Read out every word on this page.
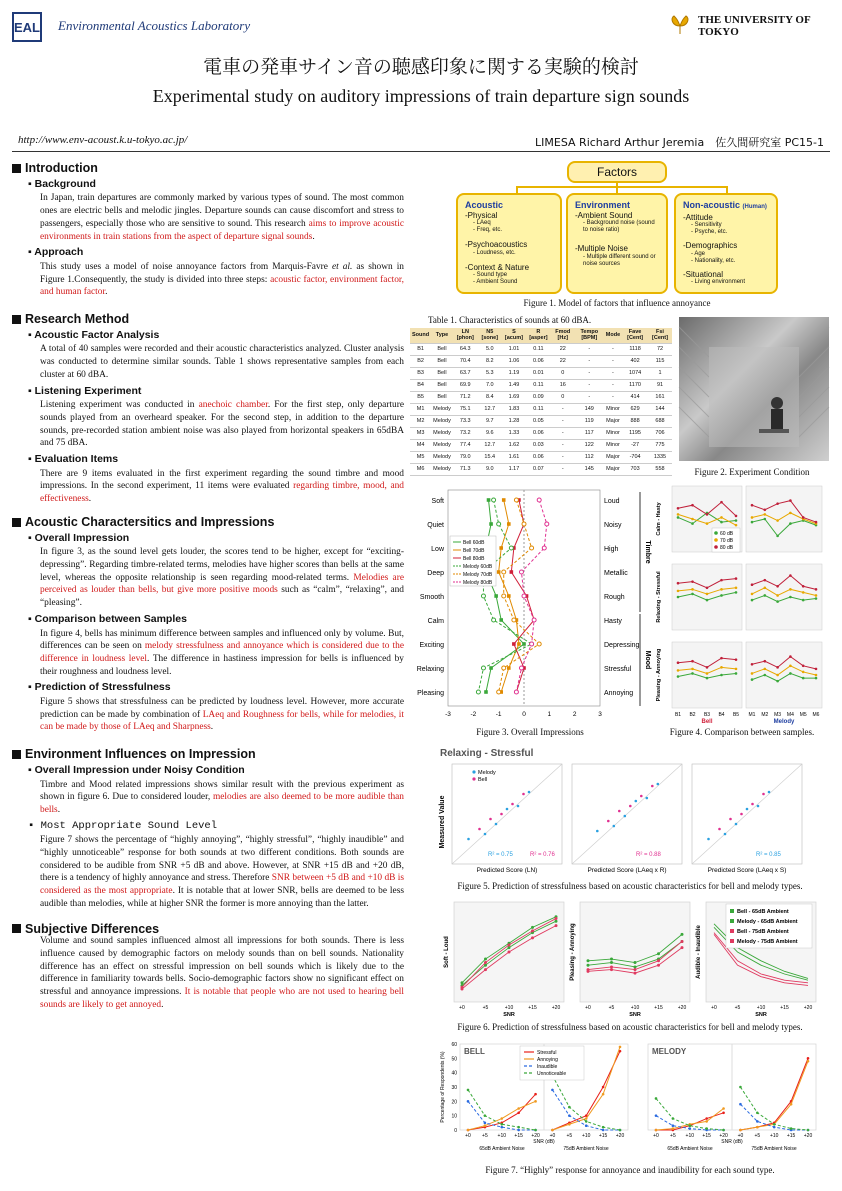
EAL Environmental Acoustics Laboratory	THE UNIVERSITY OF TOKYO
電車の発車サイン音の聴感印象に関する実験的検討
Experimental study on auditory impressions of train departure sign sounds
http://www.env-acoust.k.u-tokyo.ac.jp/	LIMESA Richard Arthur Jeremia　佐久間研究室 PC15-1
Introduction
▪ Background
In Japan, train departures are commonly marked by various types of sound. The most common ones are electric bells and melodic jingles. Departure sounds can cause discomfort and stress to passengers, especially those who are sensitive to sound. This research aims to improve acoustic environments in train stations from the aspect of departure signal sounds.
▪ Approach
This study uses a model of noise annoyance factors from Marquis-Favre et al. as shown in Figure 1.Consequently, the study is divided into three steps: acoustic factor, environment factor, and human factor.
Research Method
▪ Acoustic Factor Analysis
A total of 40 samples were recorded and their acoustic characteristics analyzed. Cluster analysis was conducted to determine similar sounds. Table 1 shows representative samples from each cluster at 60 dBA.
▪ Listening Experiment
Listening experiment was conducted in anechoic chamber. For the first step, only departure sounds played from an overheard speaker. For the second step, in addition to the departure sounds, pre-recorded station ambient noise was also played from horizontal speakers in 65dBA and 75 dBA.
▪ Evaluation Items
There are 9 items evaluated in the first experiment regarding the sound timbre and mood impressions. In the second experiment, 11 items were evaluated regarding timbre, mood, and effectiveness.
Acoustic Charactersitics and Impressions
▪ Overall Impression
In figure 3, as the sound level gets louder, the scores tend to be higher, except for “exciting-depressing”. Regarding timbre-related terms, melodies have higher scores than bells at the same level, whereas the opposite relationship is seen regarding mood-related terms. Melodies are perceived as louder than bells, but give more positive moods such as “calm”, “relaxing”, and “pleasing”.
▪ Comparison between Samples
In figure 4, bells has minimum difference between samples and influenced only by volume. But, differences can be seen on melody stressfulness and annoyance which is considered due to the difference in loudness level. The difference in hastiness impression for bells is influenced by their roughness and loudness level.
▪ Prediction of Stressfulness
Figure 5 shows that stressfulness can be predicted by loudness level. However, more accurate prediction can be made by combination of LAeq and Roughness for bells, while for melodies, it can be made by those of LAeq and Sharpness.
Environment Influences on Impression
▪ Overall Impression under Noisy Condition
Timbre and Mood related impressions shows similar result with the previous experiment as shown in figure 6. Due to considered louder, melodies are also deemed to be more audible than bells.
▪ Most Appropriate Sound Level
Figure 7 shows the percentage of “highly annoying”, “highly stressful”, “highly inaudible” and “highly unnoticeable” response for both sounds at two different conditions. Both sounds are considered to be audible from SNR +5 dB and above. However, at SNR +15 dB and +20 dB, there is a tendency of highly annoyance and stress. Therefore SNR between +5 dB and +10 dB is considered as the most appropriate. It is notable that at lower SNR, bells are deemed to be less audible than melodies, while at higher SNR the former is more annoying than the latter.
Subjective Differences
Volume and sound samples influenced almost all impressions for both sounds. There is less influence caused by demographic factors on melody sounds than on bell sounds. Nationality difference has an effect on stressful impression on bell sounds which is likely due to the difference in familiarity towards bells. Socio-demographic factors show no significant effect on stressful and annoyance impressions. It is notable that people who are not used to hearing bell sounds are likely to get annoyed.
Factors
Acoustic
-Physical
- LAeq
- Freq, etc.
-Psychoacoustics
- Loudness, etc.
-Context & Nature
- Sound type
- Ambient Sound
Environment
-Ambient Sound
- Background noise (sound to noise ratio)
-Multiple Noise
- Multiple different sound or noise sources
Non-acoustic (Human)
-Attitude
- Sensitivity
- Psyche, etc.
-Demographics
- Age
- Nationality, etc.
-Situational
- Living environment
Figure 1. Model of factors that influence annoyance
Table 1. Characteristics of sounds at 60 dBA.
Sound	Type	LN [phon]	N5 [sone]	S [acum]	R [asper]	Fmod [Hz]	Tempo [BPM]	Mode	Fave [Cent]	Fsi [Cent]
B1	Bell	64.3	5.0	1.01	0.11	22	-	-	1118	72
B2	Bell	70.4	8.2	1.06	0.06	22	-	-	402	115
B3	Bell	63.7	5.3	1.19	0.01	0	-	-	1074	1
B4	Bell	69.9	7.0	1.49	0.11	16	-	-	1170	91
B5	Bell	71.2	8.4	1.69	0.09	0	-	-	414	161
M1	Melody	75.1	12.7	1.83	0.11	-	149	Minor	629	144
M2	Melody	73.3	9.7	1.28	0.05	-	119	Major	888	688
M3	Melody	73.2	9.6	1.33	0.06	-	117	Minor	1195	706
M4	Melody	77.4	12.7	1.62	0.03	-	122	Minor	-27	775
M5	Melody	79.0	15.4	1.61	0.06	-	112	Major	-704	1335
M6	Melody	71.3	9.0	1.17	0.07	-	145	Major	703	558	Figure 2. Experiment Condition
Soft
Quiet
Low
Deep
Smooth
Calm
Exciting
Relaxing
Pleasing
Loud
Noisy
High
Metallic
Rough
Hasty
Depressing
Stressful
Annoying
-3	-2	-1	0	1	2	3
Timbre
Mood
Bell 60dB
Bell 70dB
Bell 80dB
Melody 60dB
Melody 70dB
Melody 80dB
Figure 3. Overall Impressions
Calm - Hasty
Relaxing - Stressful
Pleasing - Annoying
60 dB
70 dB
80 dB
B1 B2 B3 B4 B5 M1 M2 M3 M4 M5 M6
Bell	Melody
Figure 4. Comparison between samples.
Relaxing - Stressful
Measured Value
Predicted Score (LN)	Predicted Score (LAeq x R)	Predicted Score (LAeq x S)
R² = 0.75	R² = 0.76	R² = 0.88	R² = 0.85
Melody
Bell
Figure 5. Prediction of stressfulness based on acoustic characteristics for bell and melody types.
Soft - Loud
+0	+5	+10	+15	+20
SNR
Pleasing - Annoying
+0	+5	+10	+15	+20
SNR
Audible - Inaudible
+0	+5	+10	+15	+20
SNR
Bell - 65dB Ambient
Melody - 65dB Ambient
Bell - 75dB Ambient
Melody - 75dB Ambient
Figure 6. Prediction of stressfulness based on acoustic characteristics for bell and melody types.
BELL
0
10
20
30
40
50
60
Percentage of Respondents (%)
+0 +5 +10 +15 +20 +0 +5 +10 +15 +20
SNR (dB)
65dB Ambient Noise	75dB Ambient Noise
MELODY
+0 +5 +10 +15 +20 +0 +5 +10 +15 +20
SNR (dB)
65dB Ambient Noise	75dB Ambient Noise
Stressful
Annoying
Inaudible
Unnoticeable
Figure 7. “Highly” response for annoyance and inaudibility for each sound type.
